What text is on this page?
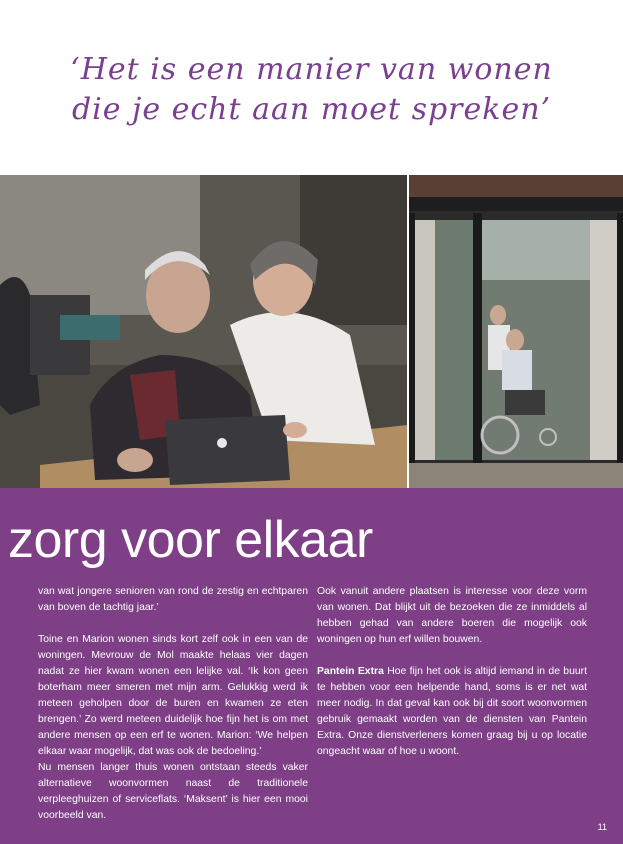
‘Het is een manier van wonen
die je echt aan moet spreken’
zorg voor elkaar

van wat jongere senioren van rond de zestig en echtparen van boven de tachtig jaar.’

Toine en Marion wonen sinds kort zelf ook in een van de woningen. Mevrouw de Mol maakte helaas vier dagen nadat ze hier kwam wonen een lelijke val. ‘Ik kon geen boterham meer smeren met mijn arm. Gelukkig werd ik meteen geholpen door de buren en kwamen ze eten brengen.’ Zo werd meteen duidelijk hoe fijn het is om met andere mensen op een erf te wonen. Marion: ‘We helpen elkaar waar mogelijk, dat was ook de bedoeling.’

Nu mensen langer thuis wonen ontstaan steeds vaker alternatieve woonvormen naast de traditionele verpleeghuizen of serviceflats. ‘Maksent’ is hier een mooi voorbeeld van.

Ook vanuit andere plaatsen is interesse voor deze vorm van wonen. Dat blijkt uit de bezoeken die ze inmiddels al hebben gehad van andere boeren die mogelijk ook woningen op hun erf willen bouwen.

Pantein Extra Hoe fijn het ook is altijd iemand in de buurt te hebben voor een helpende hand, soms is er net wat meer nodig. In dat geval kan ook bij dit soort woonvormen gebruik gemaakt worden van de diensten van Pantein Extra. Onze dienstverleners komen graag bij u op locatie ongeacht waar of hoe u woont.

11
